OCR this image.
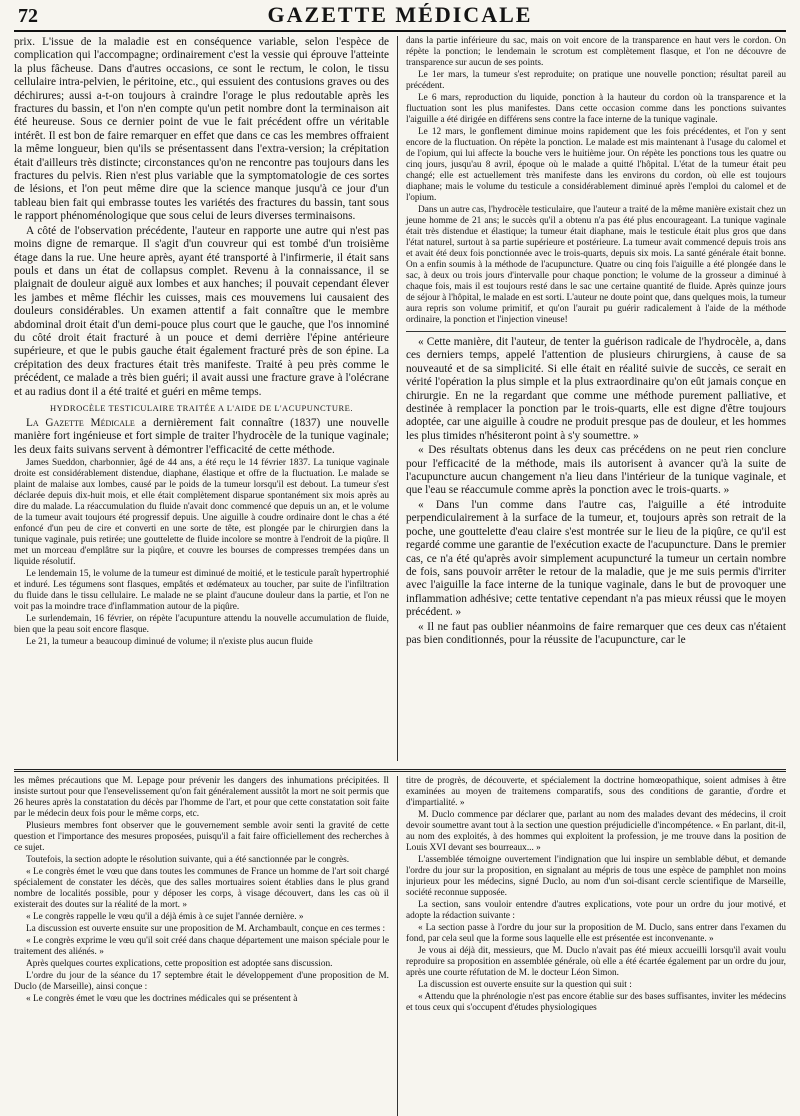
72	GAZETTE MÉDICALE

prix. L'issue de la maladie est en conséquence variable, selon l'espèce de complication qui l'accompagne; ordinairement c'est la vessie qui éprouve l'atteinte la plus fâcheuse. Dans d'autres occasions, ce sont le rectum, le colon, le tissu cellulaire intra-pelvien, le péritoine, etc., qui essuient des contusions graves ou des déchirures; aussi a-t-on toujours à craindre l'orage le plus redoutable après les fractures du bassin, et l'on n'en compte qu'un petit nombre dont la terminaison ait été heureuse. Sous ce dernier point de vue le fait précédent offre un véritable intérêt. Il est bon de faire remarquer en effet que dans ce cas les membres offraient la même longueur, bien qu'ils se présentassent dans l'extra-version; la crépitation était d'ailleurs très distincte; circonstances qu'on ne rencontre pas toujours dans les fractures du pelvis. Rien n'est plus variable que la symptomatologie de ces sortes de lésions, et l'on peut même dire que la science manque jusqu'à ce jour d'un tableau bien fait qui embrasse toutes les variétés des fractures du bassin, tant sous le rapport phénoménologique que sous celui de leurs diverses terminaisons.

A côté de l'observation précédente, l'auteur en rapporte une autre qui n'est pas moins digne de remarque. Il s'agit d'un couvreur qui est tombé d'un troisième étage dans la rue. Une heure après, ayant été transporté à l'infirmerie, il était sans pouls et dans un état de collapsus complet. Revenu à la connaissance, il se plaignait de douleur aiguë aux lombes et aux hanches; il pouvait cependant élever les jambes et même fléchir les cuisses, mais ces mouvemens lui causaient des douleurs considérables. Un examen attentif a fait connaître que le membre abdominal droit était d'un demi-pouce plus court que le gauche, que l'os innominé du côté droit était fracturé à un pouce et demi derrière l'épine antérieure supérieure, et que le pubis gauche était également fracturé près de son épine. La crépitation des deux fractures était très manifeste. Traité à peu près comme le précédent, ce malade a très bien guéri; il avait aussi une fracture grave à l'olécrane et au radius dont il a été traité et guéri en même temps.

HYDROCÈLE TESTICULAIRE TRAITÉE A L'AIDE DE L'ACUPUNCTURE.

La Gazette Médicale a dernièrement fait connaître (1837) une nouvelle manière fort ingénieuse et fort simple de traiter l'hydrocèle de la tunique vaginale; les deux faits suivans servent à démontrer l'efficacité de cette méthode.

James Sueddon, charbonnier, âgé de 44 ans, a été reçu le 14 février 1837. La tunique vaginale droite est considérablement distendue, diaphane, élastique et offre de la fluctuation. Le malade se plaint de malaise aux lombes, causé par le poids de la tumeur lorsqu'il est debout. La tumeur s'est déclarée depuis dix-huit mois, et elle était complètement disparue spontanément six mois après au dire du malade. La réaccumulation du fluide n'avait donc commencé que depuis un an, et le volume de la tumeur avait toujours été progressif depuis. Une aiguille à coudre ordinaire dont le chas a été enfoncé d'un peu de cire et converti en une sorte de tête, est plongée par le chirurgien dans la tunique vaginale, puis retirée; une gouttelette de fluide incolore se montre à l'endroit de la piqûre. Il met un morceau d'emplâtre sur la piqûre, et couvre les bourses de compresses trempées dans un liquide résolutif.

Le lendemain 15, le volume de la tumeur est diminué de moitié, et le testicule paraît hypertrophié et induré. Les tégumens sont flasques, empâtés et œdémateux au toucher, par suite de l'infiltration du fluide dans le tissu cellulaire. Le malade ne se plaint d'aucune douleur dans la partie, et l'on ne voit pas la moindre trace d'inflammation autour de la piqûre.

Le surlendemain, 16 février, on répète l'acupunture attendu la nouvelle accumulation de fluide, bien que la peau soit encore flasque.

Le 21, la tumeur a beaucoup diminué de volume; il n'existe plus aucun fluide

dans la partie inférieure du sac, mais on voit encore de la transparence en haut vers le cordon. On répète la ponction; le lendemain le scrotum est complètement flasque, et l'on ne découvre de transparence sur aucun de ses points.

Le 1er mars, la tumeur s'est reproduite; on pratique une nouvelle ponction; résultat pareil au précédent.

Le 6 mars, reproduction du liquide, ponction à la hauteur du cordon où la transparence et la fluctuation sont les plus manifestes. Dans cette occasion comme dans les ponctions suivantes l'aiguille a été dirigée en différens sens contre la face interne de la tunique vaginale.

Le 12 mars, le gonflement diminue moins rapidement que les fois précédentes, et l'on y sent encore de la fluctuation. On répète la ponction. Le malade est mis maintenant à l'usage du calomel et de l'opium, qui lui affecte la bouche vers le huitième jour. On répète les ponctions tous les quatre ou cinq jours, jusqu'au 8 avril, époque où le malade a quitté l'hôpital. L'état de la tumeur était peu changé; elle est actuellement très manifeste dans les environs du cordon, où elle est toujours diaphane; mais le volume du testicule a considérablement diminué après l'emploi du calomel et de l'opium.

Dans un autre cas, l'hydrocèle testiculaire, que l'auteur a traité de la même manière existait chez un jeune homme de 21 ans; le succès qu'il a obtenu n'a pas été plus encourageant. La tunique vaginale était très distendue et élastique; la tumeur était diaphane, mais le testicule était plus gros que dans l'état naturel, surtout à sa partie supérieure et postérieure. La tumeur avait commencé depuis trois ans et avait été deux fois ponctionnée avec le trois-quarts, depuis six mois. La santé générale était bonne. On a enfin soumis à la méthode de l'acupuncture. Quatre ou cinq fois l'aiguille a été plongée dans le sac, à deux ou trois jours d'intervalle pour chaque ponction; le volume de la grosseur a diminué à chaque fois, mais il est toujours resté dans le sac une certaine quantité de fluide. Après quinze jours de séjour à l'hôpital, le malade en est sorti. L'auteur ne doute point que, dans quelques mois, la tumeur aura repris son volume primitif, et qu'on l'aurait pu guérir radicalement à l'aide de la méthode ordinaire, la ponction et l'injection vineuse!

« Cette manière, dit l'auteur, de tenter la guérison radicale de l'hydrocèle, a, dans ces derniers temps, appelé l'attention de plusieurs chirurgiens, à cause de sa nouveauté et de sa simplicité. Si elle était en réalité suivie de succès, ce serait en vérité l'opération la plus simple et la plus extraordinaire qu'on eût jamais conçue en chirurgie. En ne la regardant que comme une méthode purement palliative, et destinée à remplacer la ponction par le trois-quarts, elle est digne d'être toujours adoptée, car une aiguille à coudre ne produit presque pas de douleur, et les hommes les plus timides n'hésiteront point à s'y soumettre. »

« Des résultats obtenus dans les deux cas précédens on ne peut rien conclure pour l'efficacité de la méthode, mais ils autorisent à avancer qu'à la suite de l'acupuncture aucun changement n'a lieu dans l'intérieur de la tunique vaginale, et que l'eau se réaccumule comme après la ponction avec le trois-quarts. »

« Dans l'un comme dans l'autre cas, l'aiguille a été introduite perpendiculairement à la surface de la tumeur, et, toujours après son retrait de la poche, une gouttelette d'eau claire s'est montrée sur le lieu de la piqûre, ce qu'il est regardé comme une garantie de l'exécution exacte de l'acupuncture. Dans le premier cas, ce n'a été qu'après avoir simplement acupuncturé la tumeur un certain nombre de fois, sans pouvoir arrêter le retour de la maladie, que je me suis permis d'irriter avec l'aiguille la face interne de la tunique vaginale, dans le but de provoquer une inflammation adhésive; cette tentative cependant n'a pas mieux réussi que le moyen précédent. »

« Il ne faut pas oublier néanmoins de faire remarquer que ces deux cas n'étaient pas bien conditionnés, pour la réussite de l'acupuncture, car le

les mêmes précautions que M. Lepage pour prévenir les dangers des inhumations précipitées. Il insiste surtout pour que l'ensevelissement qu'on fait généralement aussitôt la mort ne soit permis que 26 heures après la constatation du décès par l'homme de l'art, et pour que cette constatation soit faite par le médecin deux fois pour le même corps, etc.

Plusieurs membres font observer que le gouvernement semble avoir senti la gravité de cette question et l'importance des mesures proposées, puisqu'il a fait faire officiellement des recherches à ce sujet.

Toutefois, la section adopte le résolution suivante, qui a été sanctionnée par le congrès.

« Le congrès émet le vœu que dans toutes les communes de France un homme de l'art soit chargé spécialement de constater les décès, que des salles mortuaires soient établies dans le plus grand nombre de localités possible, pour y déposer les corps, à visage découvert, dans les cas où il existerait des doutes sur la réalité de la mort. »

« Le congrès rappelle le vœu qu'il a déjà émis à ce sujet l'année dernière. »

La discussion est ouverte ensuite sur une proposition de M. Archambault, conçue en ces termes :

« Le congrès exprime le vœu qu'il soit créé dans chaque département une maison spéciale pour le traitement des aliénés. »

Après quelques courtes explications, cette proposition est adoptée sans discussion.

L'ordre du jour de la séance du 17 septembre était le développement d'une proposition de M. Duclo (de Marseille), ainsi conçue :

« Le congrès émet le vœu que les doctrines médicales qui se présentent à

titre de progrès, de découverte, et spécialement la doctrine homœopathique, soient admises à être examinées au moyen de traitemens comparatifs, sous des conditions de garantie, d'ordre et d'impartialité. »

M. Duclo commence par déclarer que, parlant au nom des malades devant des médecins, il croit devoir soumettre avant tout à la section une question préjudicielle d'incompétence. « En parlant, dit-il, au nom des exploités, à des hommes qui exploitent la profession, je me trouve dans la position de Louis XVI devant ses bourreaux... »

L'assemblée témoigne ouvertement l'indignation que lui inspire un semblable début, et demande l'ordre du jour sur la proposition, en signalant au mépris de tous une espèce de pamphlet non moins injurieux pour les médecins, signé Duclo, au nom d'un soi-disant cercle scientifique de Marseille, société reconnue supposée.

La section, sans vouloir entendre d'autres explications, vote pour un ordre du jour motivé, et adopte la rédaction suivante :

« La section passe à l'ordre du jour sur la proposition de M. Duclo, sans entrer dans l'examen du fond, par cela seul que la forme sous laquelle elle est présentée est inconvenante. »

Je vous ai déjà dit, messieurs, que M. Duclo n'avait pas été mieux accueilli lorsqu'il avait voulu reproduire sa proposition en assemblée générale, où elle a été écartée également par un ordre du jour, après une courte réfutation de M. le docteur Léon Simon.

La discussion est ouverte ensuite sur la question qui suit :

« Attendu que la phrénologie n'est pas encore établie sur des bases suffisantes, inviter les médecins et tous ceux qui s'occupent d'études physiologiques
